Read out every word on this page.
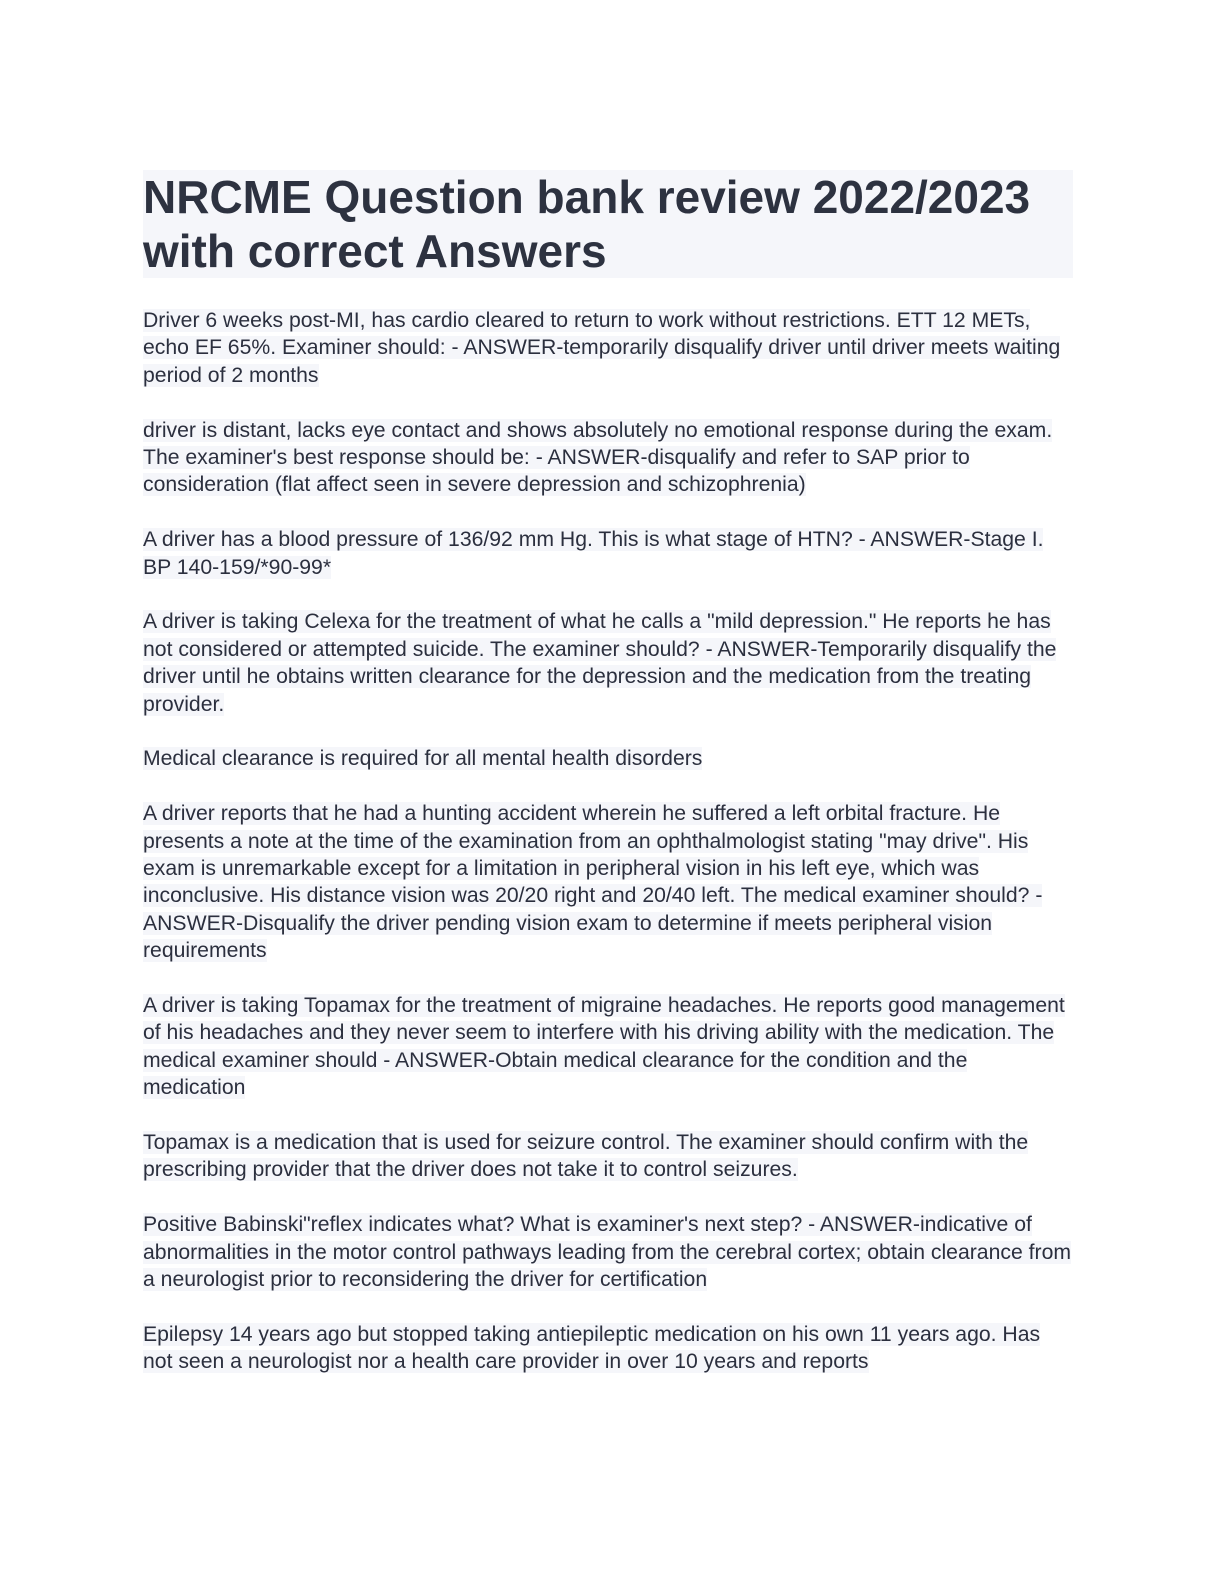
NRCME Question bank review 2022/2023
with correct Answers

Driver 6 weeks post-MI, has cardio cleared to return to work without restrictions. ETT 12 METs, echo EF 65%. Examiner should: - ANSWER-temporarily disqualify driver until driver meets waiting period of 2 months

driver is distant, lacks eye contact and shows absolutely no emotional response during the exam. The examiner's best response should be: - ANSWER-disqualify and refer to SAP prior to consideration (flat affect seen in severe depression and schizophrenia)

A driver has a blood pressure of 136/92 mm Hg. This is what stage of HTN? - ANSWER-Stage I. BP 140-159/*90-99*

A driver is taking Celexa for the treatment of what he calls a "mild depression." He reports he has not considered or attempted suicide. The examiner should? - ANSWER-Temporarily disqualify the driver until he obtains written clearance for the depression and the medication from the treating provider.

Medical clearance is required for all mental health disorders

A driver reports that he had a hunting accident wherein he suffered a left orbital fracture. He presents a note at the time of the examination from an ophthalmologist stating "may drive". His exam is unremarkable except for a limitation in peripheral vision in his left eye, which was inconclusive. His distance vision was 20/20 right and 20/40 left. The medical examiner should? - ANSWER-Disqualify the driver pending vision exam to determine if meets peripheral vision requirements

A driver is taking Topamax for the treatment of migraine headaches. He reports good management of his headaches and they never seem to interfere with his driving ability with the medication. The medical examiner should - ANSWER-Obtain medical clearance for the condition and the medication

Topamax is a medication that is used for seizure control. The examiner should confirm with the prescribing provider that the driver does not take it to control seizures.

Positive Babinski"reflex indicates what? What is examiner's next step? - ANSWER-indicative of abnormalities in the motor control pathways leading from the cerebral cortex; obtain clearance from a neurologist prior to reconsidering the driver for certification

Epilepsy 14 years ago but stopped taking antiepileptic medication on his own 11 years ago. Has not seen a neurologist nor a health care provider in over 10 years and reports
